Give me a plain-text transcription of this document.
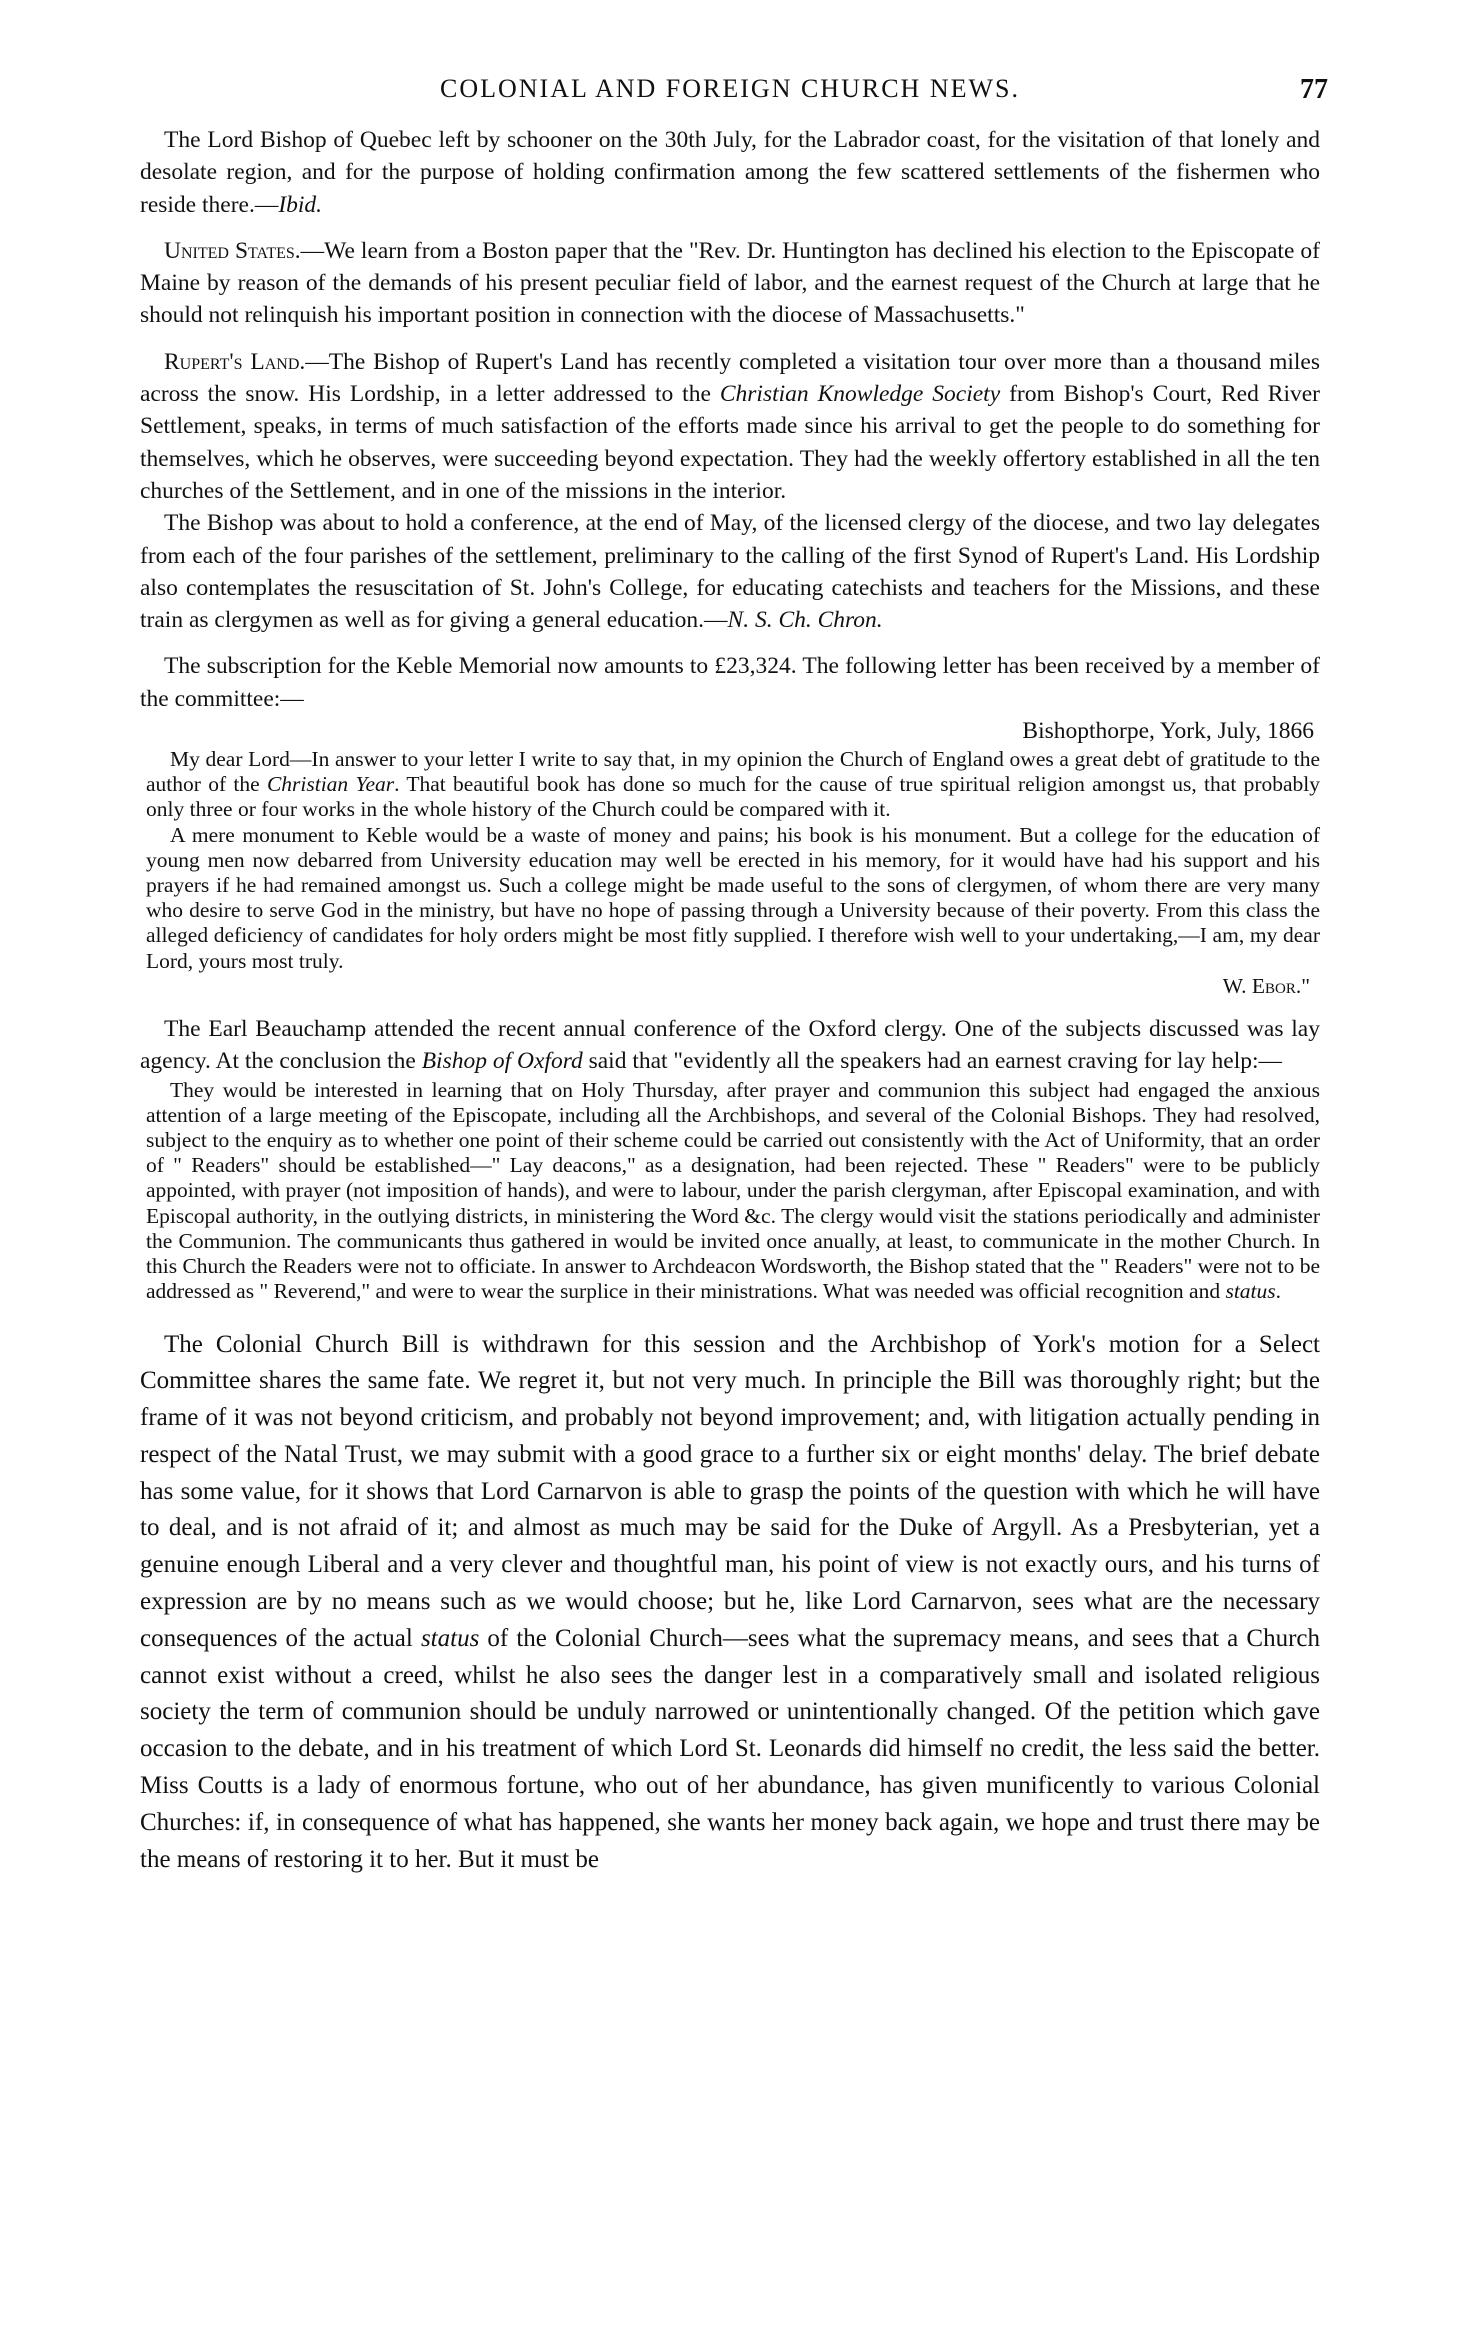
COLONIAL AND FOREIGN CHURCH NEWS.	77

The Lord Bishop of Quebec left by schooner on the 30th July, for the Labrador coast, for the visitation of that lonely and desolate region, and for the purpose of holding confirmation among the few scattered settlements of the fishermen who reside there.—Ibid.

United States.—We learn from a Boston paper that the "Rev. Dr. Huntington has declined his election to the Episcopate of Maine by reason of the demands of his present peculiar field of labor, and the earnest request of the Church at large that he should not relinquish his important position in connection with the diocese of Massachusetts."

Rupert's Land.—The Bishop of Rupert's Land has recently completed a visitation tour over more than a thousand miles across the snow. His Lordship, in a letter addressed to the Christian Knowledge Society from Bishop's Court, Red River Settlement, speaks, in terms of much satisfaction of the efforts made since his arrival to get the people to do something for themselves, which he observes, were succeeding beyond expectation. They had the weekly offertory established in all the ten churches of the Settlement, and in one of the missions in the interior.

The Bishop was about to hold a conference, at the end of May, of the licensed clergy of the diocese, and two lay delegates from each of the four parishes of the settlement, preliminary to the calling of the first Synod of Rupert's Land. His Lordship also contemplates the resuscitation of St. John's College, for educating catechists and teachers for the Missions, and these train as clergymen as well as for giving a general education.—N. S. Ch. Chron.

The subscription for the Keble Memorial now amounts to £23,324. The following letter has been received by a member of the committee:—

Bishopthorpe, York, July, 1866

My dear Lord—In answer to your letter I write to say that, in my opinion the Church of England owes a great debt of gratitude to the author of the Christian Year. That beautiful book has done so much for the cause of true spiritual religion amongst us, that probably only three or four works in the whole history of the Church could be compared with it.

A mere monument to Keble would be a waste of money and pains; his book is his monument. But a college for the education of young men now debarred from University education may well be erected in his memory, for it would have had his support and his prayers if he had remained amongst us. Such a college might be made useful to the sons of clergymen, of whom there are very many who desire to serve God in the ministry, but have no hope of passing through a University because of their poverty. From this class the alleged deficiency of candidates for holy orders might be most fitly supplied. I therefore wish well to your undertaking,—I am, my dear Lord, yours most truly.

W. Ebor."

The Earl Beauchamp attended the recent annual conference of the Oxford clergy. One of the subjects discussed was lay agency. At the conclusion the Bishop of Oxford said that "evidently all the speakers had an earnest craving for lay help:—

They would be interested in learning that on Holy Thursday, after prayer and communion this subject had engaged the anxious attention of a large meeting of the Episcopate, including all the Archbishops, and several of the Colonial Bishops. They had resolved, subject to the enquiry as to whether one point of their scheme could be carried out consistently with the Act of Uniformity, that an order of " Readers" should be established—" Lay deacons," as a designation, had been rejected. These " Readers" were to be publicly appointed, with prayer (not imposition of hands), and were to labour, under the parish clergyman, after Episcopal examination, and with Episcopal authority, in the outlying districts, in ministering the Word &c. The clergy would visit the stations periodically and administer the Communion. The communicants thus gathered in would be invited once anually, at least, to communicate in the mother Church. In this Church the Readers were not to officiate. In answer to Archdeacon Wordsworth, the Bishop stated that the " Readers" were not to be addressed as " Reverend," and were to wear the surplice in their ministrations. What was needed was official recognition and status.

The Colonial Church Bill is withdrawn for this session and the Archbishop of York's motion for a Select Committee shares the same fate. We regret it, but not very much. In principle the Bill was thoroughly right; but the frame of it was not beyond criticism, and probably not beyond improvement; and, with litigation actually pending in respect of the Natal Trust, we may submit with a good grace to a further six or eight months' delay. The brief debate has some value, for it shows that Lord Carnarvon is able to grasp the points of the question with which he will have to deal, and is not afraid of it; and almost as much may be said for the Duke of Argyll. As a Presbyterian, yet a genuine enough Liberal and a very clever and thoughtful man, his point of view is not exactly ours, and his turns of expression are by no means such as we would choose; but he, like Lord Carnarvon, sees what are the necessary consequences of the actual status of the Colonial Church—sees what the supremacy means, and sees that a Church cannot exist without a creed, whilst he also sees the danger lest in a comparatively small and isolated religious society the term of communion should be unduly narrowed or unintentionally changed. Of the petition which gave occasion to the debate, and in his treatment of which Lord St. Leonards did himself no credit, the less said the better. Miss Coutts is a lady of enormous fortune, who out of her abundance, has given munificently to various Colonial Churches: if, in consequence of what has happened, she wants her money back again, we hope and trust there may be the means of restoring it to her. But it must be
